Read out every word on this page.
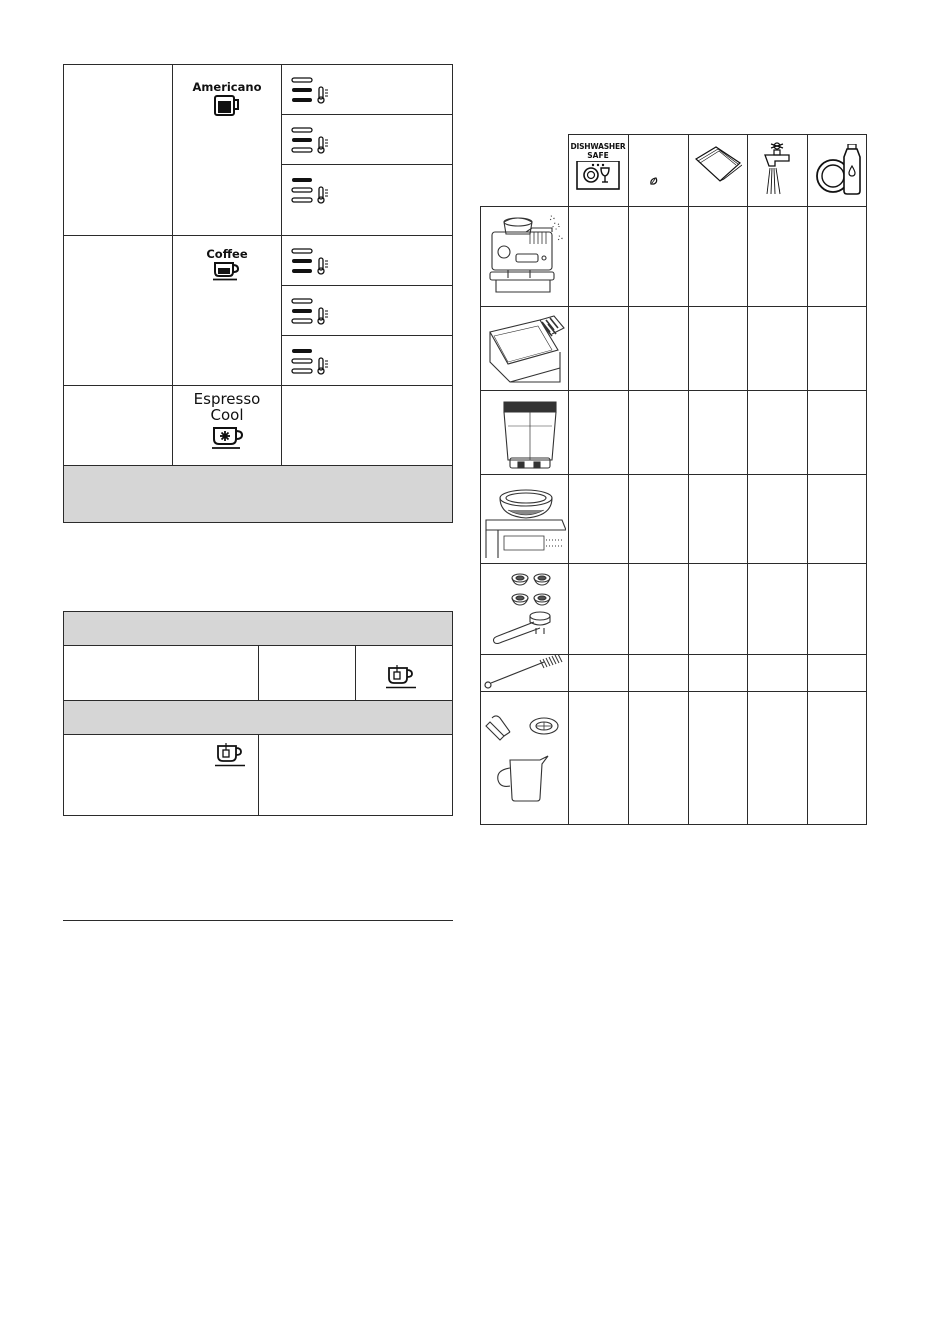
Americano
Coffee
Espresso
Cool
DISHWASHER
SAFE
